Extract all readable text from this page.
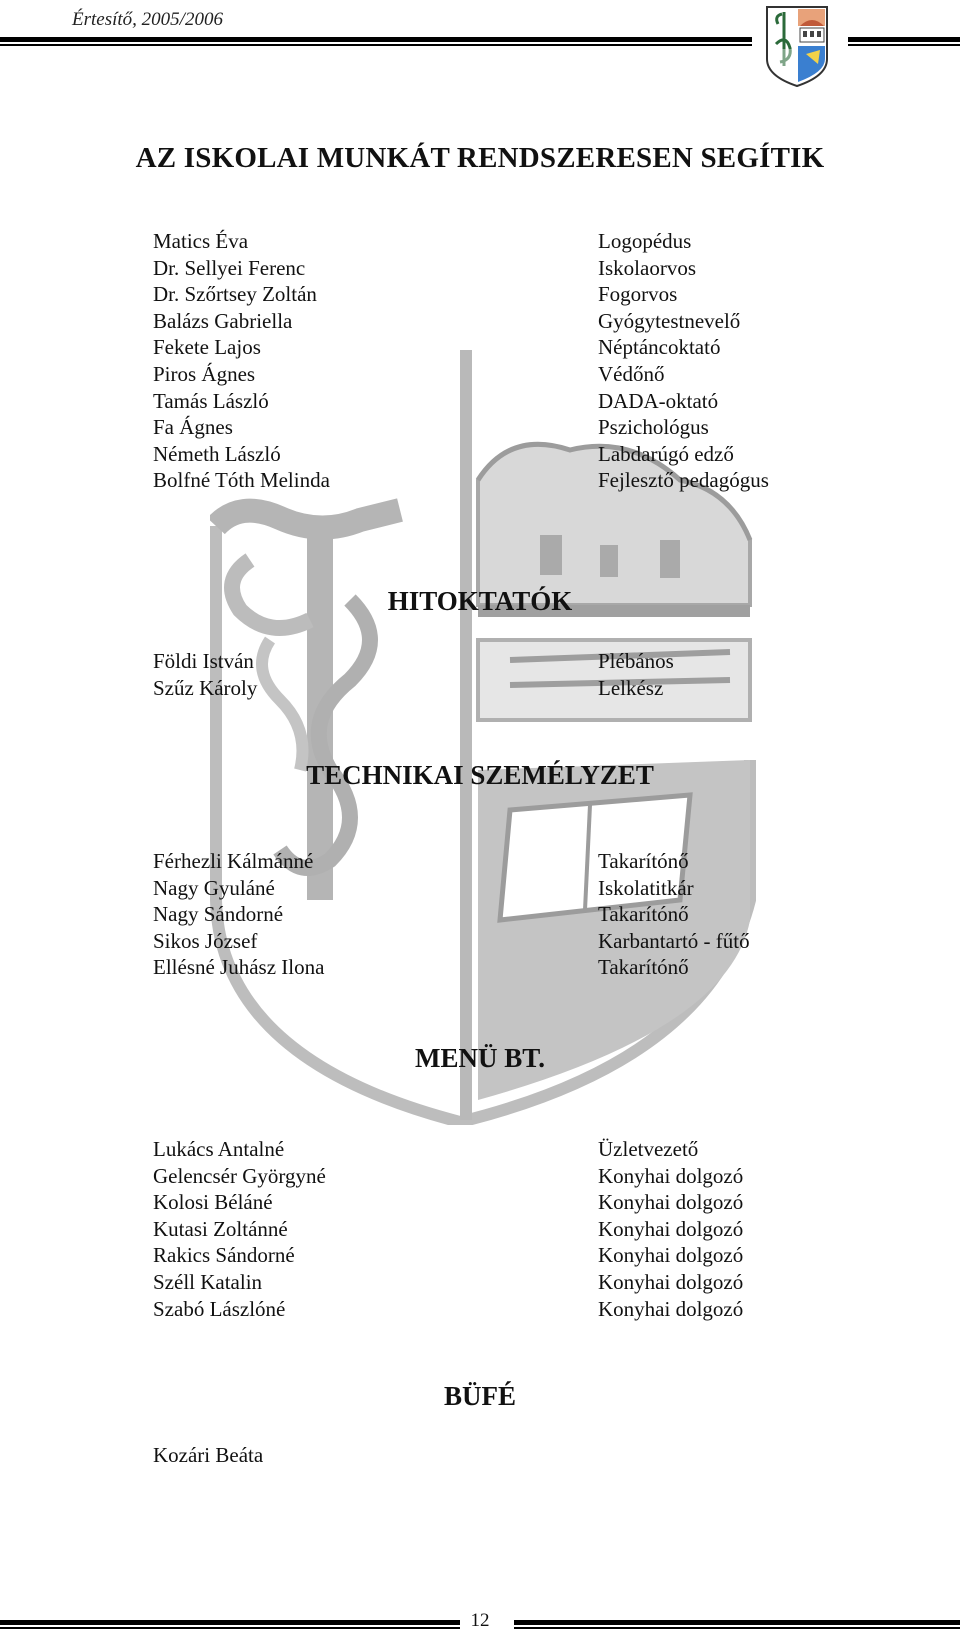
Értesítő, 2005/2006
AZ ISKOLAI MUNKÁT RENDSZERESEN SEGÍTIK
Matics Éva
Dr. Sellyei Ferenc
Dr. Szőrtsey Zoltán
Balázs Gabriella
Fekete Lajos
Piros Ágnes
Tamás László
Fa Ágnes
Németh László
Bolfné Tóth Melinda
Logopédus
Iskolaorvos
Fogorvos
Gyógytestnevelő
Néptáncoktató
Védőnő
DADA-oktató
Pszichológus
Labdarúgó edző
Fejlesztő pedagógus
HITOKTATÓK
Földi István
Szűz Károly
Plébános
Lelkész
TECHNIKAI SZEMÉLYZET
Férhezli Kálmánné
Nagy Gyuláné
Nagy Sándorné
Sikos József
Ellésné Juhász Ilona
Takarítónő
Iskolatitkár
Takarítónő
Karbantartó - fűtő
Takarítónő
MENÜ BT.
Lukács Antalné
Gelencsér Györgyné
Kolosi Béláné
Kutasi Zoltánné
Rakics Sándorné
Széll Katalin
Szabó Lászlóné
Üzletvezető
Konyhai dolgozó
Konyhai dolgozó
Konyhai dolgozó
Konyhai dolgozó
Konyhai dolgozó
Konyhai dolgozó
BÜFÉ
Kozári Beáta
12
